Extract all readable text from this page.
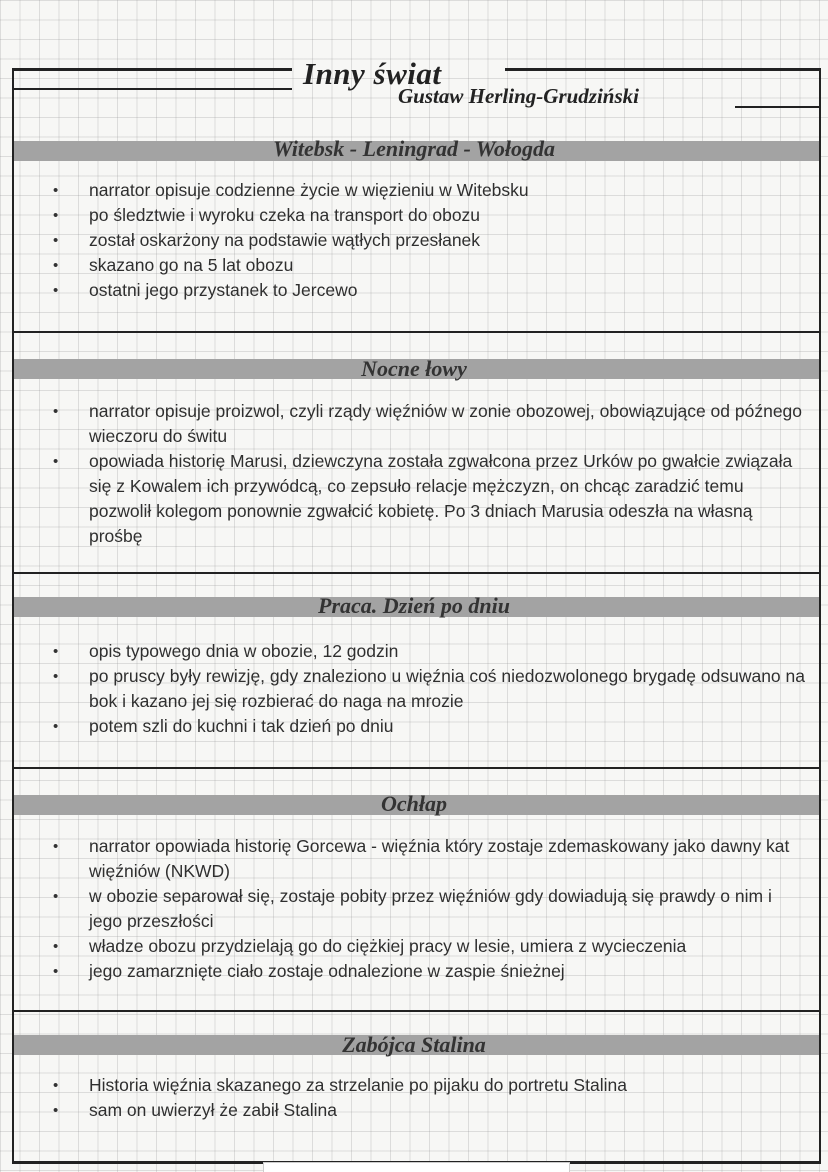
Inny świat
Gustaw Herling-Grudziński
Witebsk - Leningrad - Wołogda
• narrator opisuje codzienne życie w więzieniu w Witebsku
• po śledztwie i wyroku czeka na transport do obozu
• został oskarżony na podstawie wątłych przesłanek
• skazano go na 5 lat obozu
• ostatni jego przystanek to Jercewo
Nocne łowy
• narrator opisuje proizwol, czyli rządy więźniów w zonie obozowej, obowiązujące od późnego wieczoru do świtu
• opowiada historię Marusi, dziewczyna została zgwałcona przez Urków po gwałcie związała się z Kowalem ich przywódcą, co zepsuło relacje mężczyzn, on chcąc zaradzić temu pozwolił kolegom ponownie zgwałcić kobietę. Po 3 dniach Marusia odeszła na własną prośbę
Praca. Dzień po dniu
• opis typowego dnia w obozie, 12 godzin
• po pruscy były rewizję, gdy znaleziono u więźnia coś niedozwolonego brygadę odsuwano na bok i kazano jej się rozbierać do naga na mrozie
• potem szli do kuchni i tak dzień po dniu
Ochłap
• narrator opowiada historię Gorcewa - więźnia który zostaje zdemaskowany jako dawny kat więźniów (NKWD)
• w obozie separował się, zostaje pobity przez więźniów gdy dowiadują się prawdy o nim i jego przeszłości
• władze obozu przydzielają go do ciężkiej pracy w lesie, umiera z wycieczenia
• jego zamarznięte ciało zostaje odnalezione w zaspie śnieżnej
Zabójca Stalina
• Historia więźnia skazanego za strzelanie po pijaku do portretu Stalina
• sam on uwierzył że zabił Stalina
